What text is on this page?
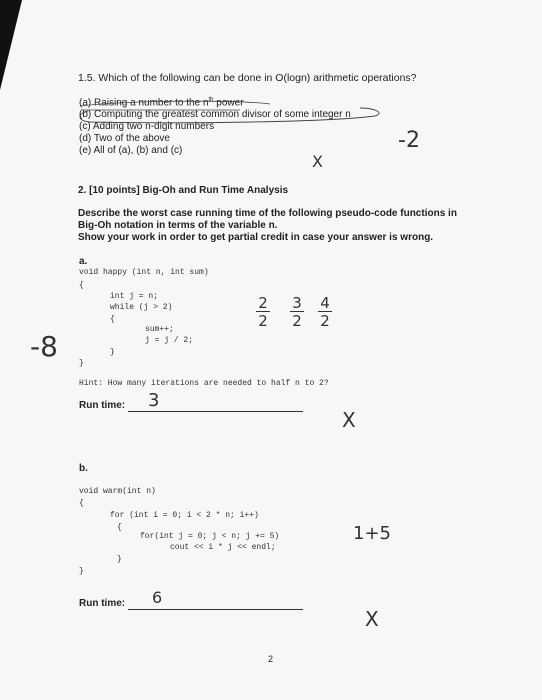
1.5. Which of the following can be done in O(logn) arithmetic operations?
(a) Raising a number to the $n^{th}$ power
(b) Computing the greatest common divisor of some integer n
(c) Adding two n-digit numbers
(d) Two of the above
(e) All of (a), (b) and (c)	-2
X
2. [10 points] Big-Oh and Run Time Analysis
Describe the worst case running time of the following pseudo-code functions in
Big-Oh notation in terms of the variable n.
Show your work in order to get partial credit in case your answer is wrong.
-8
a.
void happy (int n, int sum)
{
int j = n;
while (j > 2)
{
sum++;
j = j / 2;
}
}
2
2
3
2
4
2
Hint: How many iterations are needed to half n to 2?
Run time: 3
X
b.
void warm(int n)
{
for (int i = 0; i < 2 * n; i++)
{
for(int j = 0; j < n; j += 5)
cout << i * j << endl;
}
}
1+5
Run time: 6
X
2
